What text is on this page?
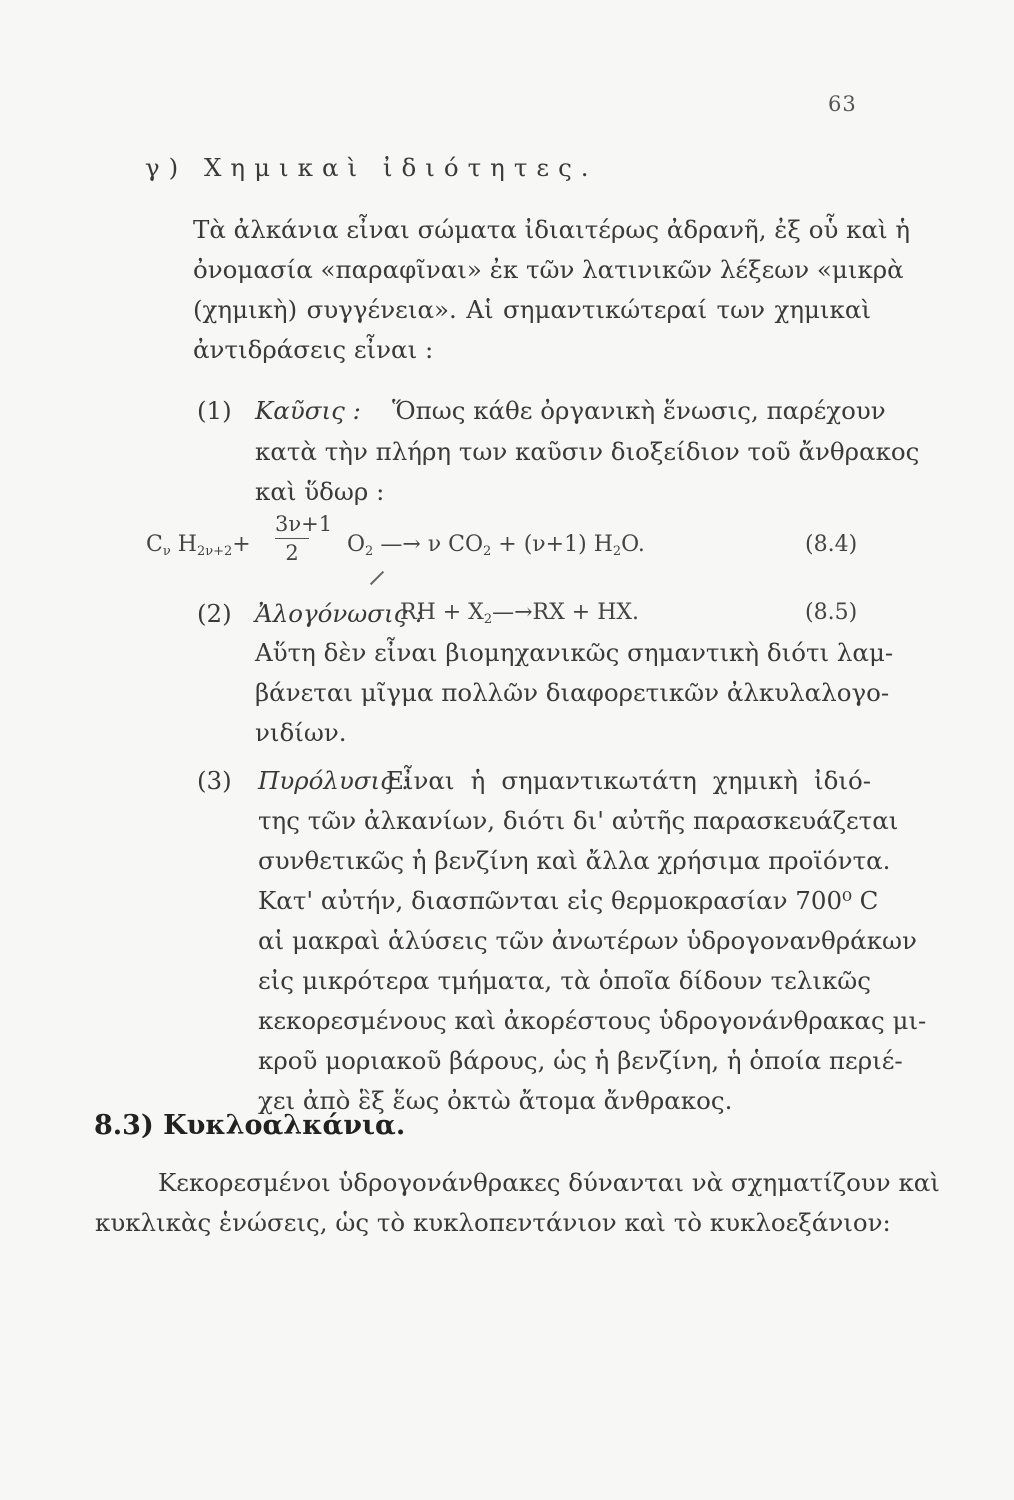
63
γ) Χημικαὶ ἰδιότητες.
Τὰ ἀλκάνια εἶναι σώματα ἰδιαιτέρως ἀδρανῆ, ἐξ οὗ καὶ ἡ
ὀνομασία «παραφῖναι» ἐκ τῶν λατινικῶν λέξεων «μικρὰ
(χημικὴ) συγγένεια». Αἱ σημαντικώτεραί των χημικαὶ
ἀντιδράσεις εἶναι :
(1) Καῦσις : Ὅπως κάθε ὀργανικὴ ἕνωσις, παρέχουν
κατὰ τὴν πλήρη των καῦσιν διοξείδιον τοῦ ἄνθρακος
καὶ ὕδωρ :
$C_\nu$ $H_{2\nu+2}+$
3ν+1
2	$O_2$ —→ ν $CO_2 + (\nu+1)$ $H_2O$.	(8.4)
(2) Ἀλογόνωσις :
RH + $X_2—\to RX$ + HX.	(8.5)
Αὕτη δὲν εἶναι βιομηχανικῶς σημαντικὴ διότι λαμ-
βάνεται μῖγμα πολλῶν διαφορετικῶν ἀλκυλαλογο-
νιδίων.
(3) Πυρόλυσις :
Εἶναι ἡ σημαντικωτάτη χημικὴ ἰδιό-
της τῶν ἀλκανίων, διότι δι' αὐτῆς παρασκευάζεται
συνθετικῶς ἡ βενζίνη καὶ ἄλλα χρήσιμα προϊόντα.
Κατ' αὐτήν, διασπῶνται εἰς θερμοκρασίαν 700⁰ C
αἱ μακραὶ ἁλύσεις τῶν ἀνωτέρων ὑδρογονανθράκων
εἰς μικρότερα τμήματα, τὰ ὁποῖα δίδουν τελικῶς
κεκορεσμένους καὶ ἀκορέστους ὑδρογονάνθρακας μι-
κροῦ μοριακοῦ βάρους, ὡς ἡ βενζίνη, ἡ ὁποία περιέ-
χει ἀπὸ ἓξ ἕως ὀκτὼ ἄτομα ἄνθρακος.
8.3) Κυκλοαλκάνια.
Κεκορεσμένοι ὑδρογονάνθρακες δύνανται νὰ σχηματίζουν καὶ
κυκλικὰς ἑνώσεις, ὡς τὸ κυκλοπεντάνιον καὶ τὸ κυκλοεξάνιον:
